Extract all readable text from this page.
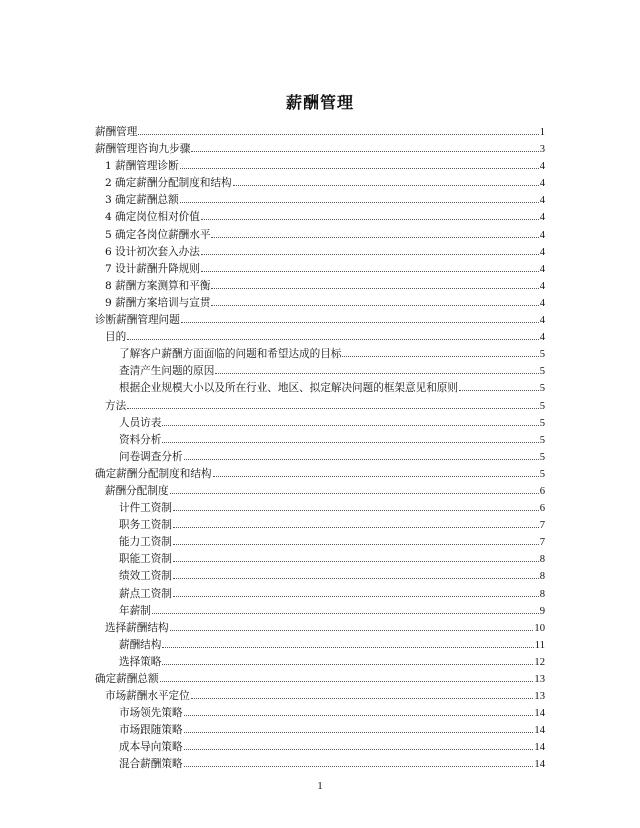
薪酬管理
薪酬管理	1
薪酬管理咨询九步骤	3
1 薪酬管理诊断	4
2 确定薪酬分配制度和结构	4
3 确定薪酬总额	4
4 确定岗位相对价值	4
5 确定各岗位薪酬水平	4
6 设计初次套入办法	4
7 设计薪酬升降规则	4
8 薪酬方案测算和平衡	4
9 薪酬方案培训与宣贯	4
诊断薪酬管理问题	4
目的	4
了解客户薪酬方面面临的问题和希望达成的目标	5
查清产生问题的原因	5
根据企业规模大小以及所在行业、地区、拟定解决问题的框架意见和原则	5
方法	5
人员访表	5
资料分析	5
问卷调查分析	5
确定薪酬分配制度和结构	5
薪酬分配制度	6
计件工资制	6
职务工资制	7
能力工资制	7
职能工资制	8
绩效工资制	8
薪点工资制	8
年薪制	9
选择薪酬结构	10
薪酬结构	11
选择策略	12
确定薪酬总额	13
市场薪酬水平定位	13
市场领先策略	14
市场跟随策略	14
成本导向策略	14
混合薪酬策略	14
1
